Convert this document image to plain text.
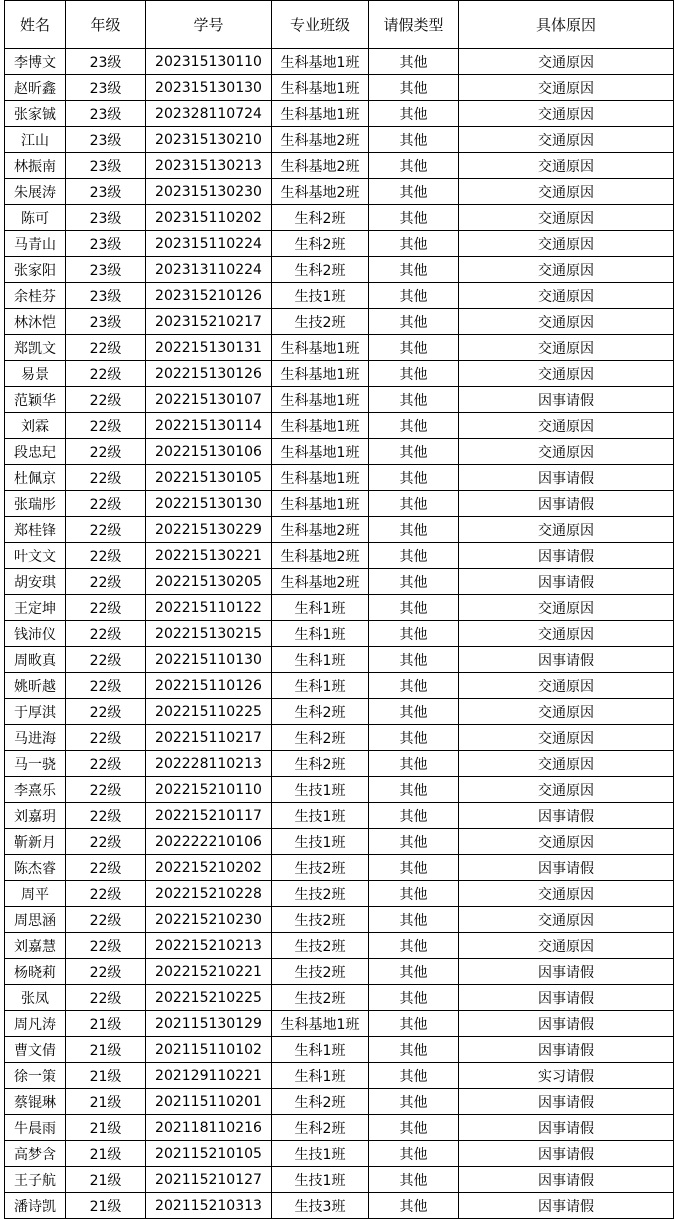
姓名	年级	学号	专业班级	请假类型	具体原因
李博文	23级	202315130110	生科基地1班	其他	交通原因
赵昕鑫	23级	202315130130	生科基地1班	其他	交通原因
张家铖	23级	202328110724	生科基地1班	其他	交通原因
江山	23级	202315130210	生科基地2班	其他	交通原因
林振南	23级	202315130213	生科基地2班	其他	交通原因
朱展涛	23级	202315130230	生科基地2班	其他	交通原因
陈可	23级	202315110202	生科2班	其他	交通原因
马青山	23级	202315110224	生科2班	其他	交通原因
张家阳	23级	202313110224	生科2班	其他	交通原因
余桂芬	23级	202315210126	生技1班	其他	交通原因
林沐恺	23级	202315210217	生技2班	其他	交通原因
郑凯文	22级	202215130131	生科基地1班	其他	交通原因
易景	22级	202215130126	生科基地1班	其他	交通原因
范颖华	22级	202215130107	生科基地1班	其他	因事请假
刘霖	22级	202215130114	生科基地1班	其他	交通原因
段忠玘	22级	202215130106	生科基地1班	其他	交通原因
杜佩京	22级	202215130105	生科基地1班	其他	因事请假
张瑞彤	22级	202215130130	生科基地1班	其他	因事请假
郑桂锋	22级	202215130229	生科基地2班	其他	交通原因
叶文文	22级	202215130221	生科基地2班	其他	因事请假
胡安琪	22级	202215130205	生科基地2班	其他	因事请假
王定坤	22级	202215110122	生科1班	其他	交通原因
钱沛仪	22级	202215130215	生科1班	其他	交通原因
周畋真	22级	202215110130	生科1班	其他	因事请假
姚昕越	22级	202215110126	生科1班	其他	交通原因
于厚淇	22级	202215110225	生科2班	其他	交通原因
马进海	22级	202215110217	生科2班	其他	交通原因
马一骁	22级	202228110213	生科2班	其他	交通原因
李熹乐	22级	202215210110	生技1班	其他	交通原因
刘嘉玥	22级	202215210117	生技1班	其他	因事请假
靳新月	22级	202222210106	生技1班	其他	交通原因
陈杰睿	22级	202215210202	生技2班	其他	因事请假
周平	22级	202215210228	生技2班	其他	交通原因
周思涵	22级	202215210230	生技2班	其他	交通原因
刘嘉慧	22级	202215210213	生技2班	其他	交通原因
杨晓莉	22级	202215210221	生技2班	其他	因事请假
张凤	22级	202215210225	生技2班	其他	因事请假
周凡涛	21级	202115130129	生科基地1班	其他	因事请假
曹文倩	21级	202115110102	生科1班	其他	因事请假
徐一策	21级	202129110221	生科1班	其他	实习请假
蔡锟琳	21级	202115110201	生科2班	其他	因事请假
牛晨雨	21级	202118110216	生科2班	其他	因事请假
高梦含	21级	202115210105	生技1班	其他	因事请假
王子航	21级	202115210127	生技1班	其他	因事请假
潘诗凯	21级	202115210313	生技3班	其他	因事请假
